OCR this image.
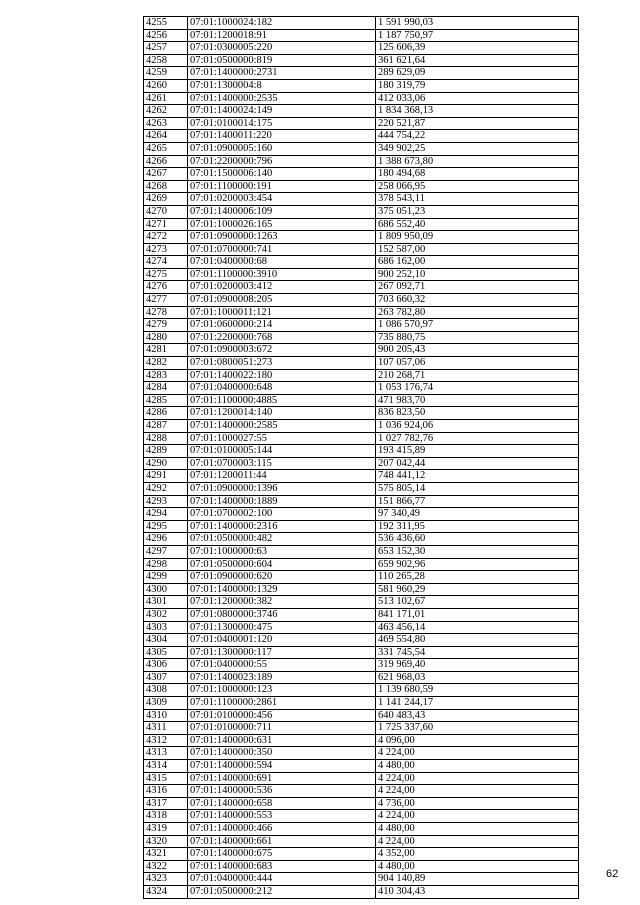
4255	07:01:1000024:182	1 591 990,03
4256	07:01:1200018:91	1 187 750,97
4257	07:01:0300005:220	125 606,39
4258	07:01:0500000:819	361 621,64
4259	07:01:1400000:2731	289 629,09
4260	07:01:1300004:8	180 319,79
4261	07:01:1400000:2535	412 033,06
4262	07:01:1400024:149	1 834 368,13
4263	07:01:0100014:175	220 521,87
4264	07:01:1400011:220	444 754,22
4265	07:01:0900005:160	349 902,25
4266	07:01:2200000:796	1 388 673,80
4267	07:01:1500006:140	180 494,68
4268	07:01:1100000:191	258 066,95
4269	07:01:0200003:454	378 543,11
4270	07:01:1400006:109	375 051,23
4271	07:01:1000026:165	686 552,40
4272	07:01:0900000:1263	1 809 950,09
4273	07:01:0700000:741	152 587,00
4274	07:01:0400000:68	686 162,00
4275	07:01:1100000:3910	900 252,10
4276	07:01:0200003:412	267 092,71
4277	07:01:0900008:205	703 660,32
4278	07:01:1000011:121	263 782,80
4279	07:01:0600000:214	1 086 570,97
4280	07:01:2200000:768	735 880,75
4281	07:01:0900003:672	900 205,43
4282	07:01:0800051:273	107 057,06
4283	07:01:1400022:180	210 268,71
4284	07:01:0400000:648	1 053 176,74
4285	07:01:1100000:4885	471 983,70
4286	07:01:1200014:140	836 823,50
4287	07:01:1400000:2585	1 036 924,06
4288	07:01:1000027:55	1 027 782,76
4289	07:01:0100005:144	193 415,89
4290	07:01:0700003:115	207 042,44
4291	07:01:1200011:44	748 441,12
4292	07:01:0900000:1396	575 805,14
4293	07:01:1400000:1889	151 866,77
4294	07:01:0700002:100	97 340,49
4295	07:01:1400000:2316	192 311,95
4296	07:01:0500000:482	536 436,60
4297	07:01:1000000:63	653 152,30
4298	07:01:0500000:604	659 902,96
4299	07:01:0900000:620	110 265,28
4300	07:01:1400000:1329	581 960,29
4301	07:01:1200000:382	513 102,67
4302	07:01:0800000:3746	841 171,01
4303	07:01:1300000:475	463 456,14
4304	07:01:0400001:120	469 554,80
4305	07:01:1300000:117	331 745,54
4306	07:01:0400000:55	319 969,40
4307	07:01:1400023:189	621 968,03
4308	07:01:1000000:123	1 139 680,59
4309	07:01:1100000:2861	1 141 244,17
4310	07:01:0100000:456	640 483,43
4311	07:01:0100000:711	1 725 337,60
4312	07:01:1400000:631	4 096,00
4313	07:01:1400000:350	4 224,00
4314	07:01:1400000:594	4 480,00
4315	07:01:1400000:691	4 224,00
4316	07:01:1400000:536	4 224,00
4317	07:01:1400000:658	4 736,00
4318	07:01:1400000:553	4 224,00
4319	07:01:1400000:466	4 480,00
4320	07:01:1400000:661	4 224,00
4321	07:01:1400000:675	4 352,00
4322	07:01:1400000:683	4 480,00
4323	07:01:0400000:444	904 140,89
4324	07:01:0500000:212	410 304,43
62
